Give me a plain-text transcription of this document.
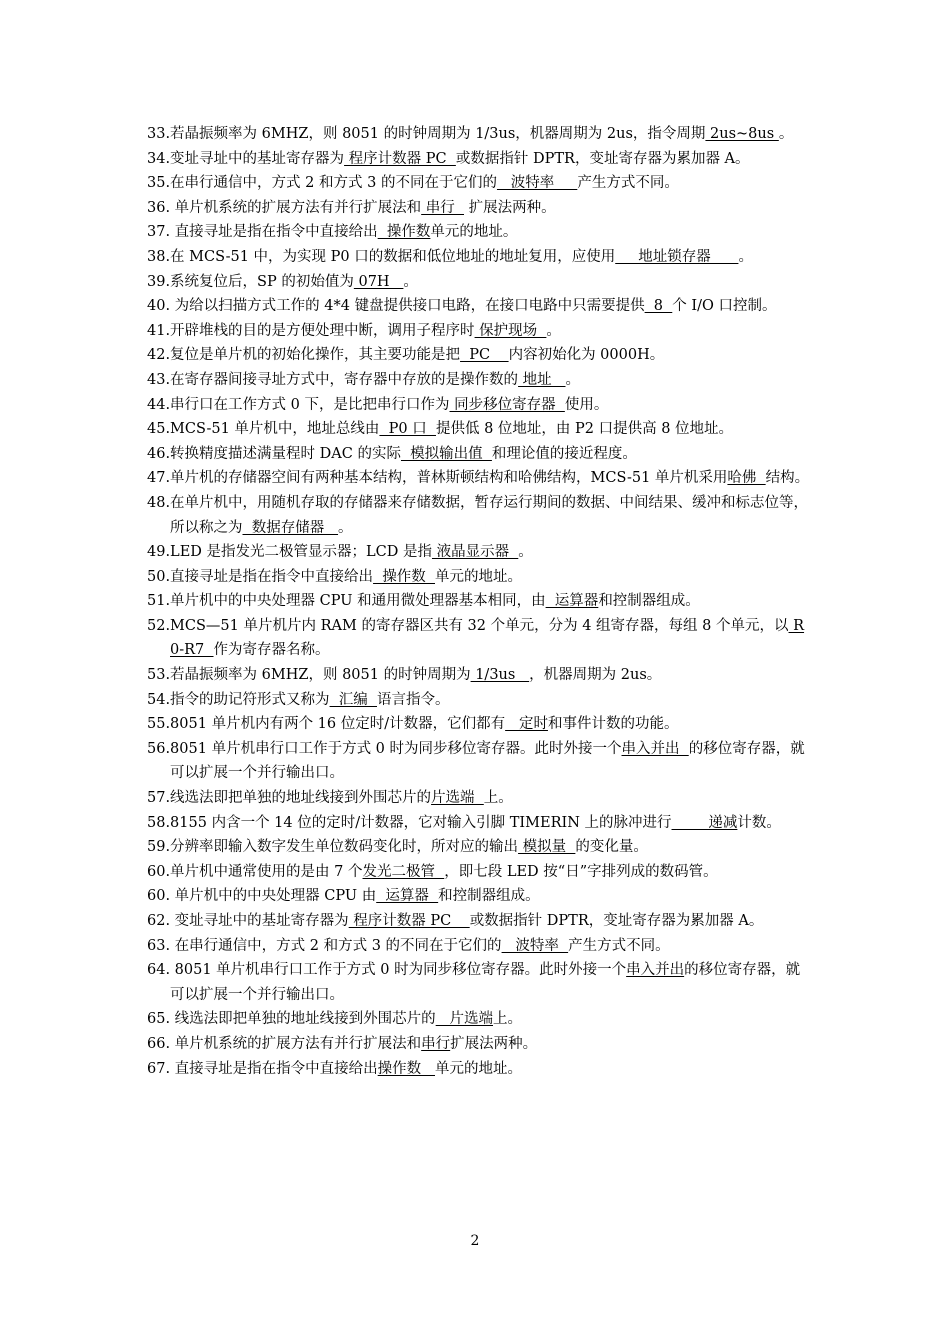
33.若晶振频率为 6MHZ，则 8051 的时钟周期为 1/3us，机器周期为 2us，指令周期 2us~8us 。

34.变址寻址中的基址寄存器为 程序计数器 PC  或数据指针 DPTR，变址寄存器为累加器 A。

35.在串行通信中，方式 2 和方式 3 的不同在于它们的   波特率     产生方式不同。

36. 单片机系统的扩展方法有并行扩展法和 串行   扩展法两种。

37. 直接寻址是指在指令中直接给出  操作数单元的地址。

38.在 MCS-51 中，为实现 P0 口的数据和低位地址的地址复用，应使用     地址锁存器      。

39.系统复位后，SP 的初始值为 07H   。

40. 为给以扫描方式工作的 4*4 键盘提供接口电路，在接口电路中只需要提供  8  个 I/O 口控制。

41.开辟堆栈的目的是方便处理中断，调用子程序时 保护现场  。

42.复位是单片机的初始化操作，其主要功能是把  PC    内容初始化为 0000H。

43.在寄存器间接寻址方式中，寄存器中存放的是操作数的 地址   。

44.串行口在工作方式 0 下，是比把串行口作为 同步移位寄存器  使用。

45.MCS-51 单片机中，地址总线由  P0 口  提供低 8 位地址，由 P2 口提供高 8 位地址。

46.转换精度描述满量程时 DAC 的实际  模拟输出值  和理论值的接近程度。

47.单片机的存储器空间有两种基本结构，普林斯顿结构和哈佛结构，MCS-51 单片机采用哈佛  结构。

48.在单片机中，用随机存取的存储器来存储数据，暂存运行期间的数据、中间结果、缓冲和标志位等，所以称之为  数据存储器   。

49.LED 是指发光二极管显示器；LCD 是指 液晶显示器  。

50.直接寻址是指在指令中直接给出  操作数  单元的地址。

51.单片机中的中央处理器 CPU 和通用微处理器基本相同，由  运算器和控制器组成。

52.MCS—51 单片机片内 RAM 的寄存器区共有 32 个单元，分为 4 组寄存器，每组 8 个单元，以 R0-R7  作为寄存器名称。

53.若晶振频率为 6MHZ，则 8051 的时钟周期为 1/3us   ，机器周期为 2us。

54.指令的助记符形式又称为  汇编  语言指令。

55.8051 单片机内有两个 16 位定时/计数器，它们都有   定时和事件计数的功能。

56.8051 单片机串行口工作于方式 0 时为同步移位寄存器。此时外接一个串入并出  的移位寄存器，就可以扩展一个并行输出口。

57.线选法即把单独的地址线接到外围芯片的片选端  上。

58.8155 内含一个 14 位的定时/计数器，它对输入引脚 TIMERIN 上的脉冲进行        递减计数。

59.分辨率即输入数字发生单位数码变化时，所对应的输出 模拟量  的变化量。

60.单片机中通常使用的是由 7 个发光二极管  ，即七段 LED 按“日”字排列成的数码管。

60. 单片机中的中央处理器 CPU 由  运算器  和控制器组成。

62. 变址寻址中的基址寄存器为 程序计数器 PC    或数据指针 DPTR，变址寄存器为累加器 A。

63. 在串行通信中，方式 2 和方式 3 的不同在于它们的   波特率  产生方式不同。

64. 8051 单片机串行口工作于方式 0 时为同步移位寄存器。此时外接一个串入并出的移位寄存器，就可以扩展一个并行输出口。

65. 线选法即把单独的地址线接到外围芯片的   片选端上。

66. 单片机系统的扩展方法有并行扩展法和串行扩展法两种。

67. 直接寻址是指在指令中直接给出操作数   单元的地址。

2
